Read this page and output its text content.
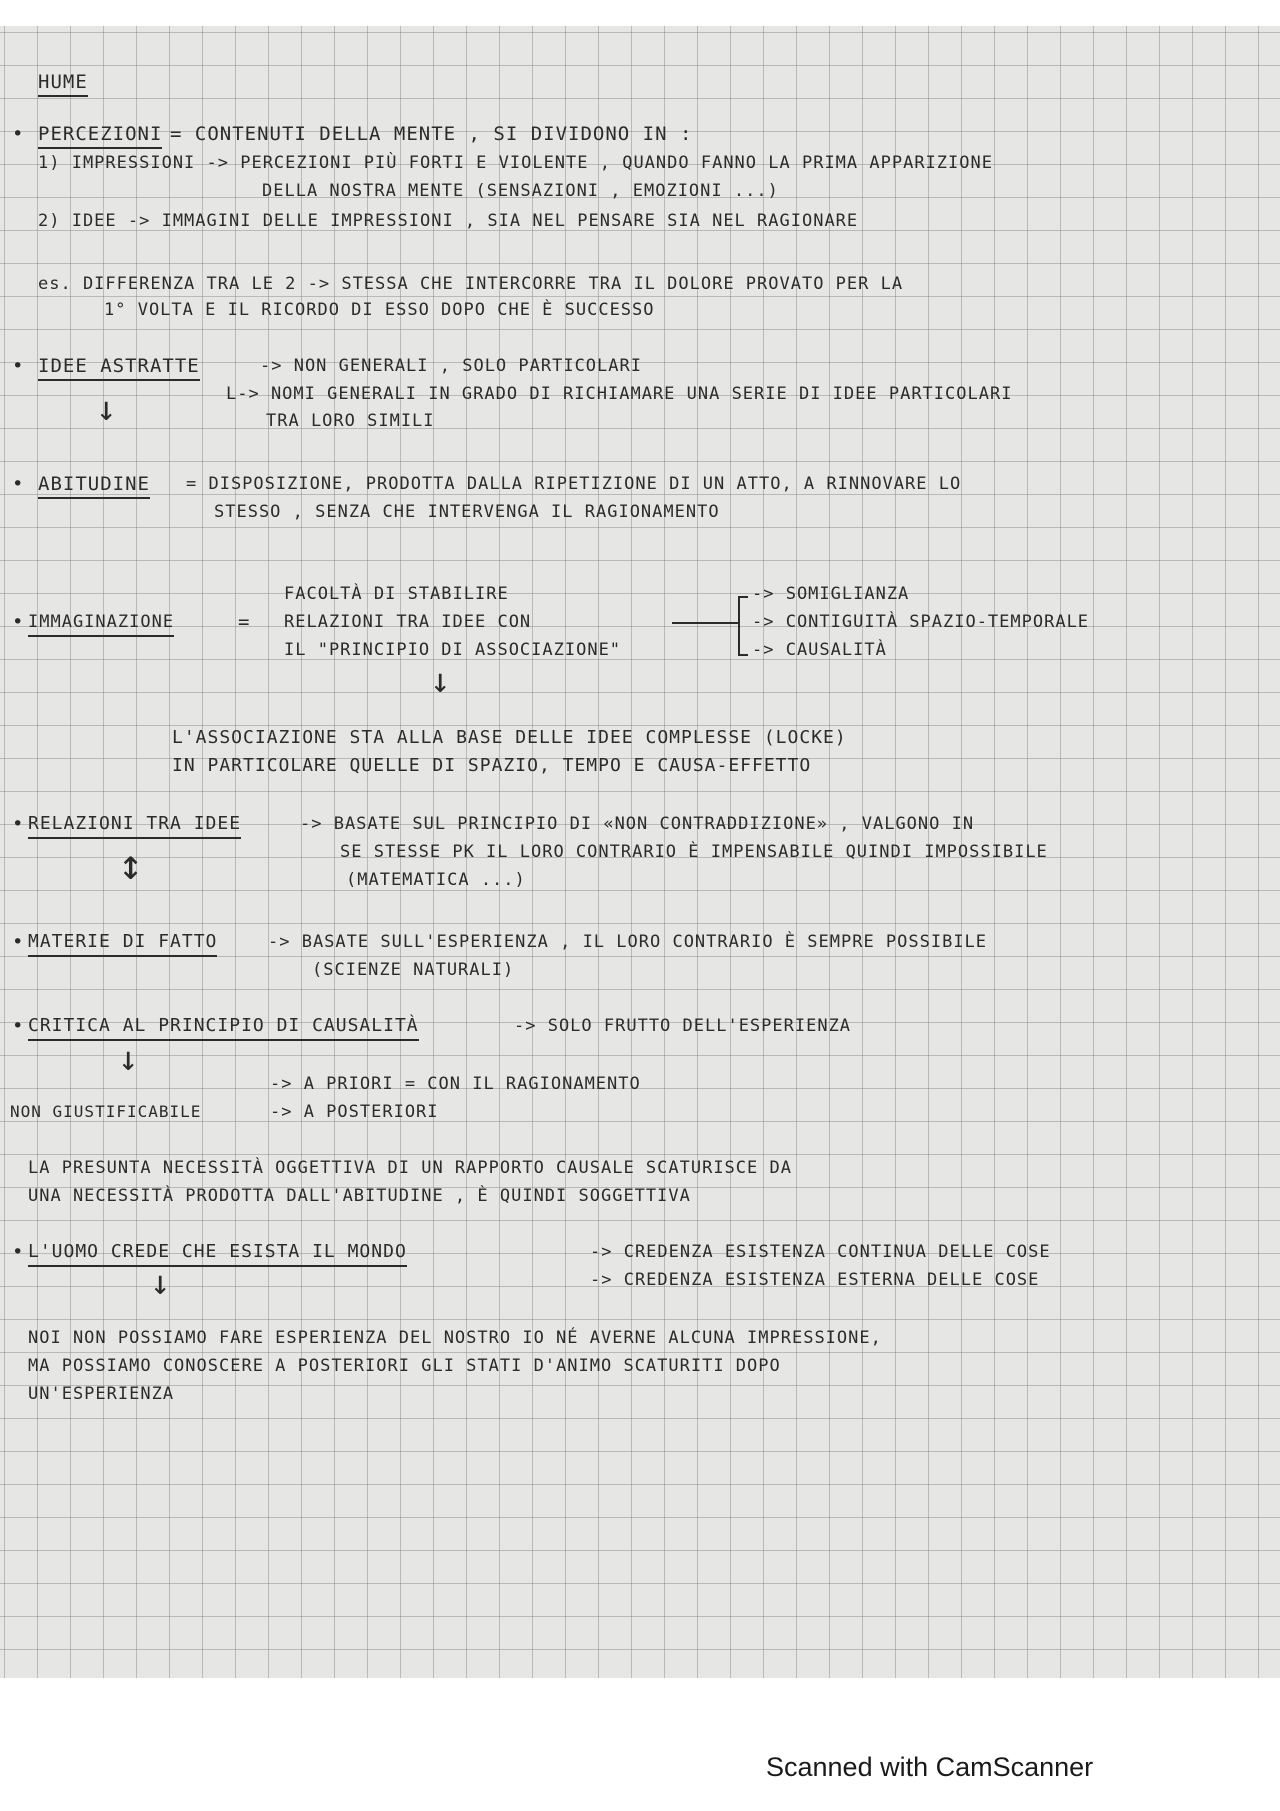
HUME
• PERCEZIONI = CONTENUTI DELLA MENTE , SI DIVIDONO IN :
1) IMPRESSIONI -> PERCEZIONI PIÙ FORTI E VIOLENTE , QUANDO FANNO LA PRIMA APPARIZIONE
DELLA NOSTRA MENTE (SENSAZIONI , EMOZIONI ...)
2) IDEE -> IMMAGINI DELLE IMPRESSIONI , SIA NEL PENSARE SIA NEL RAGIONARE
es. DIFFERENZA TRA LE 2 -> STESSA CHE INTERCORRE TRA IL DOLORE PROVATO PER LA
1° VOLTA E IL RICORDO DI ESSO DOPO CHE È SUCCESSO
• IDEE ASTRATTE	-> NON GENERALI , SOLO PARTICOLARI
L-> NOMI GENERALI IN GRADO DI RICHIAMARE UNA SERIE DI IDEE PARTICOLARI
TRA LORO SIMILI
↓
• ABITUDINE = DISPOSIZIONE, PRODOTTA DALLA RIPETIZIONE DI UN ATTO, A RINNOVARE LO
STESSO , SENZA CHE INTERVENGA IL RAGIONAMENTO
FACOLTÀ DI STABILIRE
• IMMAGINAZIONE	= RELAZIONI TRA IDEE CON
IL "PRINCIPIO DI ASSOCIAZIONE"
-> SOMIGLIANZA
-> CONTIGUITÀ SPAZIO-TEMPORALE
-> CAUSALITÀ
↓
L'ASSOCIAZIONE STA ALLA BASE DELLE IDEE COMPLESSE (LOCKE)
IN PARTICOLARE QUELLE DI SPAZIO, TEMPO E CAUSA-EFFETTO
• RELAZIONI TRA IDEE	-> BASATE SUL PRINCIPIO DI «NON CONTRADDIZIONE» , VALGONO IN
SE STESSE PK IL LORO CONTRARIO È IMPENSABILE QUINDI IMPOSSIBILE
(MATEMATICA ...)
↕
• MATERIE DI FATTO	-> BASATE SULL'ESPERIENZA , IL LORO CONTRARIO È SEMPRE POSSIBILE
(SCIENZE NATURALI)
• CRITICA AL PRINCIPIO DI CAUSALITÀ	-> SOLO FRUTTO DELL'ESPERIENZA
↓
-> A PRIORI = CON IL RAGIONAMENTO
NON GIUSTIFICABILE	-> A POSTERIORI
LA PRESUNTA NECESSITÀ OGGETTIVA DI UN RAPPORTO CAUSALE SCATURISCE DA
UNA NECESSITÀ PRODOTTA DALL'ABITUDINE , È QUINDI SOGGETTIVA
• L'UOMO CREDE CHE ESISTA IL MONDO	-> CREDENZA ESISTENZA CONTINUA DELLE COSE
-> CREDENZA ESISTENZA ESTERNA DELLE COSE
↓
NOI NON POSSIAMO FARE ESPERIENZA DEL NOSTRO IO NÉ AVERNE ALCUNA IMPRESSIONE,
MA POSSIAMO CONOSCERE A POSTERIORI GLI STATI D'ANIMO SCATURITI DOPO
UN'ESPERIENZA
Scanned with CamScanner
